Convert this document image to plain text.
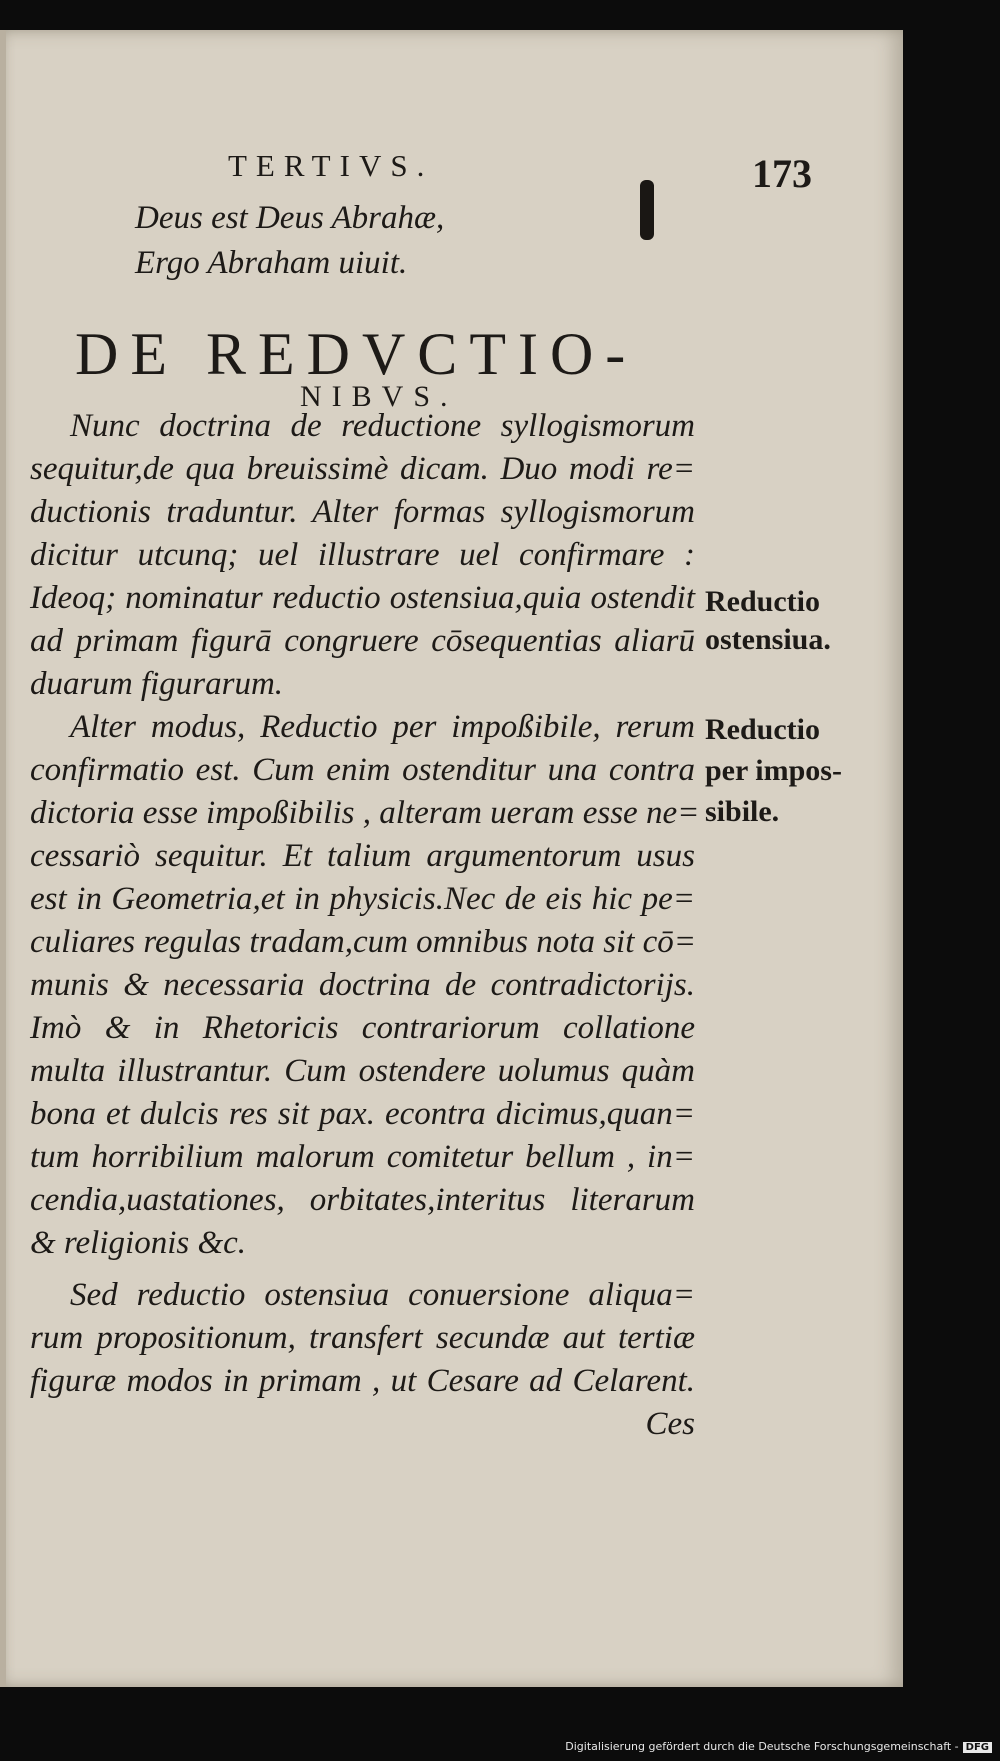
TERTIVS.	173
Deus est Deus Abrahæ,
Ergo Abraham uiuit.
DE REDVCTIO-
NIBVS.
Nunc doctrina de reductione syllogismorum
sequitur,de qua breuissimè dicam. Duo modi re=
ductionis traduntur. Alter formas syllogismorum
dicitur utcunq; uel illustrare uel confirmare :
Ideoq; nominatur reductio ostensiua,quia ostendit
ad primam figurā congruere cōsequentias aliarū
duarum figurarum.
Alter modus, Reductio per impoßibile, rerum
confirmatio est. Cum enim ostenditur una contra
dictoria esse impoßibilis , alteram ueram esse ne=
cessariò sequitur. Et talium argumentorum usus
est in Geometria,et in physicis.Nec de eis hic pe=
culiares regulas tradam,cum omnibus nota sit cō=
munis & necessaria doctrina de contradictorijs.
Imò & in Rhetoricis contrariorum collatione
multa illustrantur. Cum ostendere uolumus quàm
bona et dulcis res sit pax. econtra dicimus,quan=
tum horribilium malorum comitetur bellum , in=
cendia,uastationes, orbitates,interitus literarum
& religionis &c.
Sed reductio ostensiua conuersione aliqua=
rum propositionum, transfert secundæ aut tertiæ
figuræ modos in primam , ut Cesare ad Celarent.
Ces
Reductio
ostensiua.
Reductio
per impos-
sibile.
Digitalisierung gefördert durch die Deutsche Forschungsgemeinschaft - DFG
